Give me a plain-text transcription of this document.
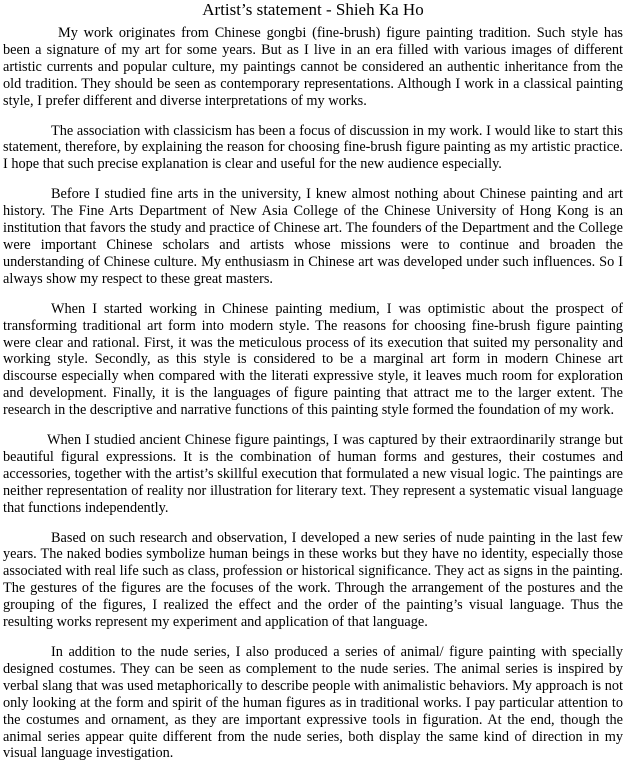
Artist’s statement - Shieh Ka Ho

My work originates from Chinese gongbi (fine-brush) figure painting tradition. Such style has been a signature of my art for some years. But as I live in an era filled with various images of different artistic currents and popular culture, my paintings cannot be considered an authentic inheritance from the old tradition. They should be seen as contemporary representations. Although I work in a classical painting style, I prefer different and diverse interpretations of my works.

The association with classicism has been a focus of discussion in my work. I would like to start this statement, therefore, by explaining the reason for choosing fine-brush figure painting as my artistic practice. I hope that such precise explanation is clear and useful for the new audience especially.

Before I studied fine arts in the university, I knew almost nothing about Chinese painting and art history. The Fine Arts Department of New Asia College of the Chinese University of Hong Kong is an institution that favors the study and practice of Chinese art. The founders of the Department and the College were important Chinese scholars and artists whose missions were to continue and broaden the understanding of Chinese culture. My enthusiasm in Chinese art was developed under such influences. So I always show my respect to these great masters.

When I started working in Chinese painting medium, I was optimistic about the prospect of transforming traditional art form into modern style. The reasons for choosing fine-brush figure painting were clear and rational. First, it was the meticulous process of its execution that suited my personality and working style. Secondly, as this style is considered to be a marginal art form in modern Chinese art discourse especially when compared with the literati expressive style, it leaves much room for exploration and development. Finally, it is the languages of figure painting that attract me to the larger extent. The research in the descriptive and narrative functions of this painting style formed the foundation of my work.

When I studied ancient Chinese figure paintings, I was captured by their extraordinarily strange but beautiful figural expressions. It is the combination of human forms and gestures, their costumes and accessories, together with the artist’s skillful execution that formulated a new visual logic. The paintings are neither representation of reality nor illustration for literary text. They represent a systematic visual language that functions independently.

Based on such research and observation, I developed a new series of nude painting in the last few years. The naked bodies symbolize human beings in these works but they have no identity, especially those associated with real life such as class, profession or historical significance. They act as signs in the painting. The gestures of the figures are the focuses of the work. Through the arrangement of the postures and the grouping of the figures, I realized the effect and the order of the painting’s visual language. Thus the resulting works represent my experiment and application of that language.

In addition to the nude series, I also produced a series of animal/ figure painting with specially designed costumes. They can be seen as complement to the nude series. The animal series is inspired by verbal slang that was used metaphorically to describe people with animalistic behaviors. My approach is not only looking at the form and spirit of the human figures as in traditional works. I pay particular attention to the costumes and ornament, as they are important expressive tools in figuration. At the end, though the animal series appear quite different from the nude series, both display the same kind of direction in my visual language investigation.
